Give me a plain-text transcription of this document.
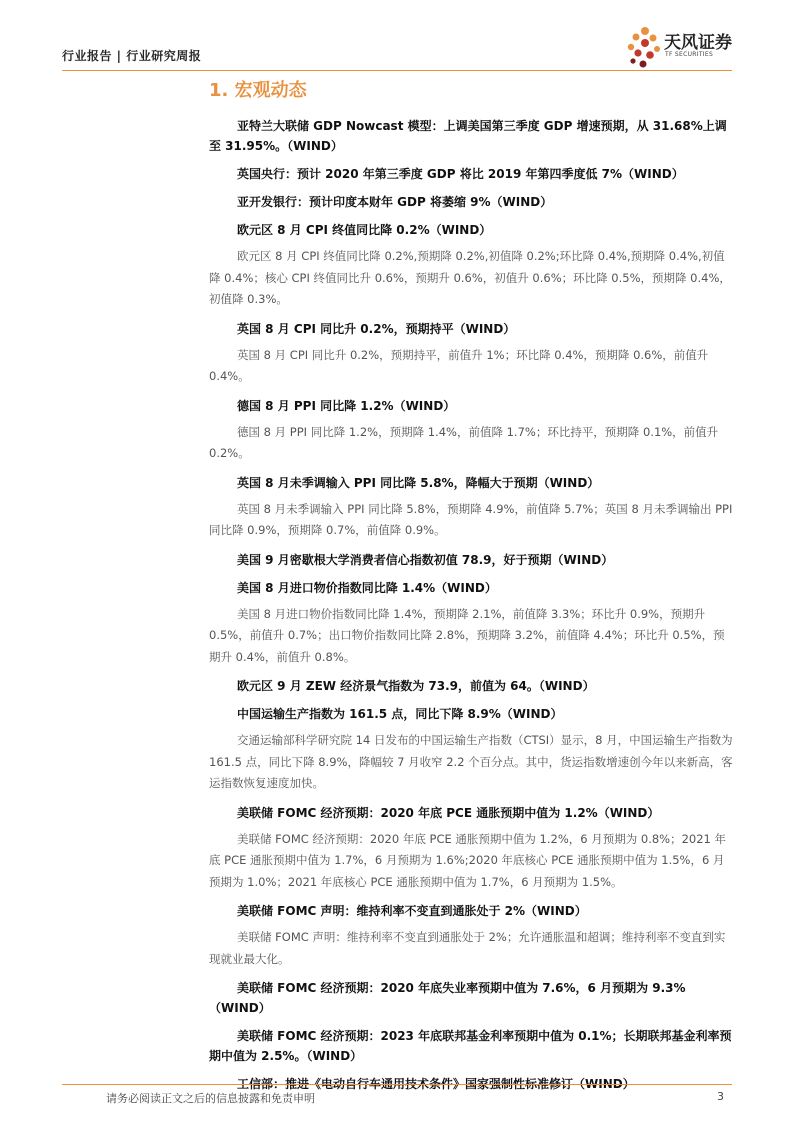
行业报告 | 行业研究周报
天风证券
TF SECURITIES
1. 宏观动态
亚特兰大联储 GDP Nowcast 模型：上调美国第三季度 GDP 增速预期，从 31.68%上调至 31.95%。（WIND）
英国央行：预计 2020 年第三季度 GDP 将比 2019 年第四季度低 7%（WIND）
亚开发银行：预计印度本财年 GDP 将萎缩 9%（WIND）
欧元区 8 月 CPI 终值同比降 0.2%（WIND）
欧元区 8 月 CPI 终值同比降 0.2%,预期降 0.2%,初值降 0.2%;环比降 0.4%,预期降 0.4%,初值降 0.4%；核心 CPI 终值同比升 0.6%，预期升 0.6%，初值升 0.6%；环比降 0.5%，预期降 0.4%，初值降 0.3%。
英国 8 月 CPI 同比升 0.2%，预期持平（WIND）
英国 8 月 CPI 同比升 0.2%，预期持平，前值升 1%；环比降 0.4%，预期降 0.6%，前值升 0.4%。
德国 8 月 PPI 同比降 1.2%（WIND）
德国 8 月 PPI 同比降 1.2%，预期降 1.4%，前值降 1.7%；环比持平，预期降 0.1%，前值升 0.2%。
英国 8 月未季调输入 PPI 同比降 5.8%，降幅大于预期（WIND）
英国 8 月未季调输入 PPI 同比降 5.8%，预期降 4.9%，前值降 5.7%；英国 8 月未季调输出 PPI 同比降 0.9%，预期降 0.7%，前值降 0.9%。
美国 9 月密歇根大学消费者信心指数初值 78.9，好于预期（WIND）
美国 8 月进口物价指数同比降 1.4%（WIND）
美国 8 月进口物价指数同比降 1.4%，预期降 2.1%，前值降 3.3%；环比升 0.9%，预期升 0.5%，前值升 0.7%；出口物价指数同比降 2.8%，预期降 3.2%，前值降 4.4%；环比升 0.5%，预期升 0.4%，前值升 0.8%。
欧元区 9 月 ZEW 经济景气指数为 73.9，前值为 64。（WIND）
中国运输生产指数为 161.5 点，同比下降 8.9%（WIND）
交通运输部科学研究院 14 日发布的中国运输生产指数（CTSI）显示，8 月，中国运输生产指数为 161.5 点，同比下降 8.9%，降幅较 7 月收窄 2.2 个百分点。其中，货运指数增速创今年以来新高，客运指数恢复速度加快。
美联储 FOMC 经济预期：2020 年底 PCE 通胀预期中值为 1.2%（WIND）
美联储 FOMC 经济预期：2020 年底 PCE 通胀预期中值为 1.2%，6 月预期为 0.8%；2021 年底 PCE 通胀预期中值为 1.7%，6 月预期为 1.6%;2020 年底核心 PCE 通胀预期中值为 1.5%，6 月预期为 1.0%；2021 年底核心 PCE 通胀预期中值为 1.7%，6 月预期为 1.5%。
美联储 FOMC 声明：维持利率不变直到通胀处于 2%（WIND）
美联储 FOMC 声明：维持利率不变直到通胀处于 2%；允许通胀温和超调；维持利率不变直到实现就业最大化。
美联储 FOMC 经济预期：2020 年底失业率预期中值为 7.6%，6 月预期为 9.3%（WIND）
美联储 FOMC 经济预期：2023 年底联邦基金利率预期中值为 0.1%；长期联邦基金利率预期中值为 2.5%。（WIND）
工信部：推进《电动自行车通用技术条件》国家强制性标准修订（WIND）
请务必阅读正文之后的信息披露和免责申明	3
